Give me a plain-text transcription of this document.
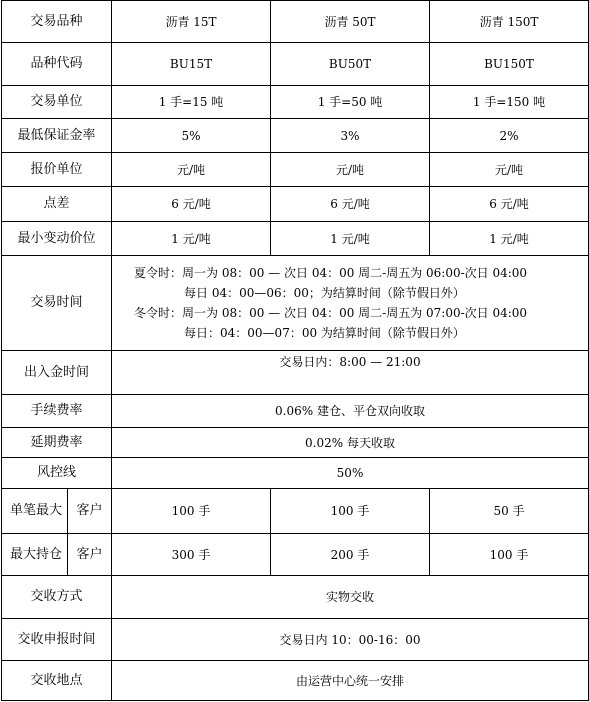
交易品种		沥青 15T	沥青 50T	沥青 150T
品种代码		BU15T	BU50T	BU150T
交易单位		1 手=15 吨	1 手=50 吨	1 手=150 吨
最低保证金率		5%	3%	2%
报价单位		元/吨	元/吨	元/吨
点差		6 元/吨	6 元/吨	6 元/吨
最小变动价位		1 元/吨	1 元/吨	1 元/吨
交易时间		夏令时：周一为 08：00 — 次日 04：00 周二-周五为 06:00-次日 04:00
每日 04：00—06：00；为结算时间（除节假日外）
冬令时：周一为 08：00 — 次日 04：00 周二-周五为 07:00-次日 04:00
每日：04：00—07：00 为结算时间（除节假日外）		

出入金时间		交易日内：8:00 — 21:00		
手续费率		0.06% 建仓、平仓双向收取		
延期费率		0.02% 每天收取		
风控线		50%		
单笔最大	客户	100 手	100 手	50 手
最大持仓	客户	300 手	200 手	100 手
交收方式		实物交收		
交收申报时间		交易日内 10：00-16：00		
交收地点		由运营中心统一安排		
